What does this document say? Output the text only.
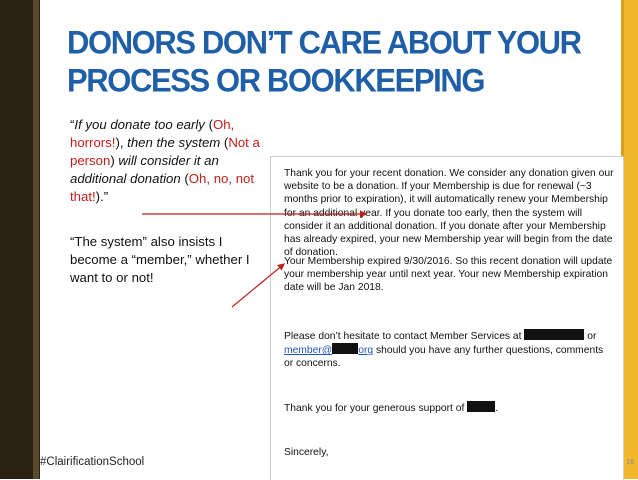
DONORS DON’T CARE ABOUT YOUR
PROCESS OR BOOKKEEPING
“If you donate too early (Oh, horrors!), then the system (Not a person) will consider it an additional donation (Oh, no, not that!).”
“The system” also insists I become a “member,” whether I want to or not!

Thank you for your recent donation. We consider any donation given our website to be a donation. If your Membership is due for renewal (~3 months prior to expiration), it will automatically renew your Membership for an additional year. If you donate too early, then the system will consider it an additional donation. If you donate after your Membership has already expired, your new Membership year will begin from the date of donation.

Your Membership expired 9/30/2016. So this recent donation will update your membership year until next year. Your new Membership expiration date will be Jan 2018.

Please don’t hesitate to contact Member Services at	or
member@	org should you have any further questions, comments or concerns.

Thank you for your generous support of	.

Sincerely,

#ClairificationSchool	16
